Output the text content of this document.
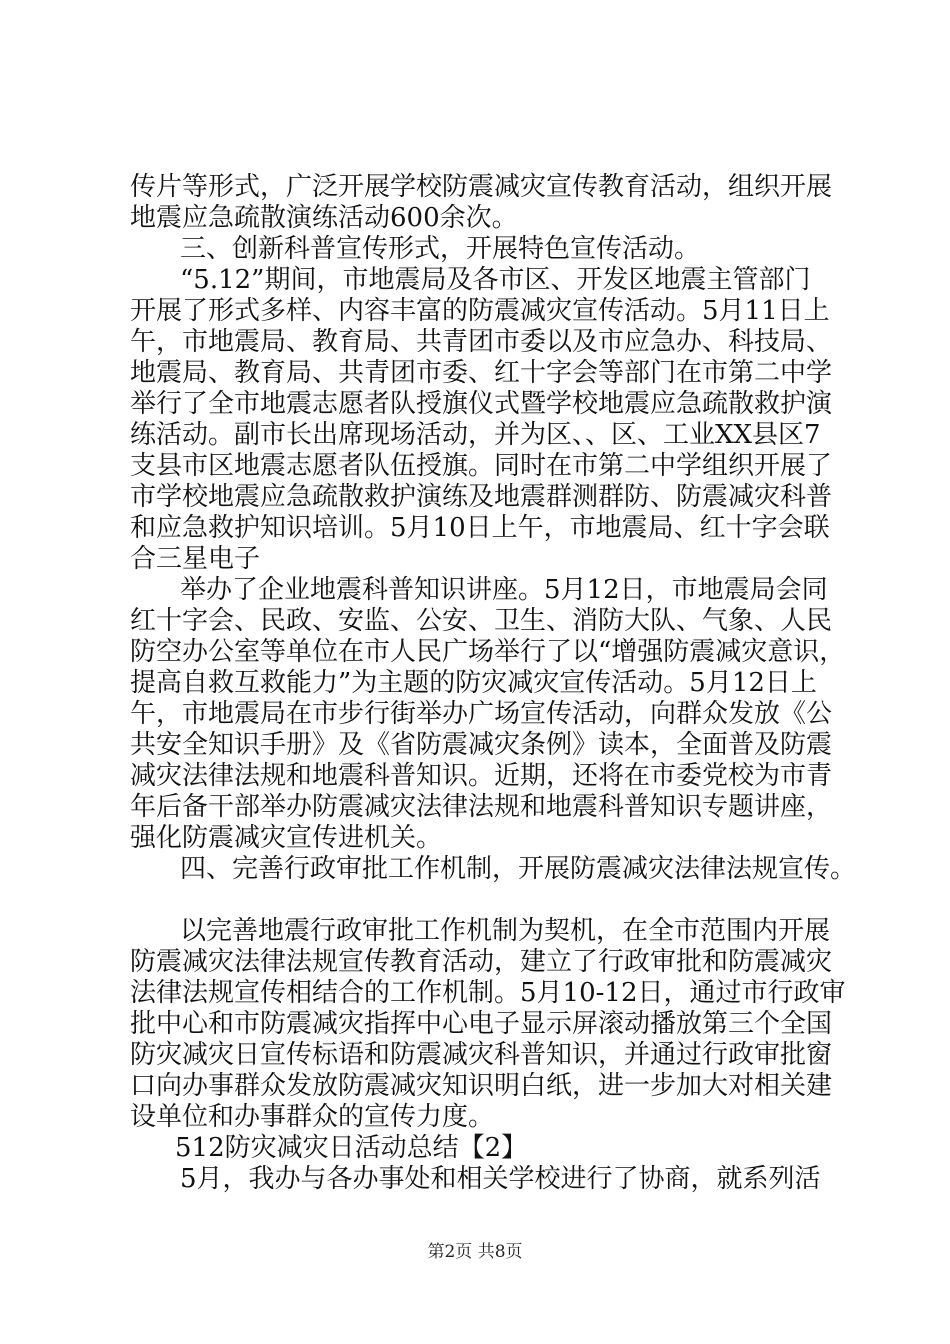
传片等形式，广泛开展学校防震减灾宣传教育活动，组织开展
地震应急疏散演练活动600余次。
三、创新科普宣传形式，开展特色宣传活动。
“5.12”期间，市地震局及各市区、开发区地震主管部门
开展了形式多样、内容丰富的防震减灾宣传活动。5月11日上
午，市地震局、教育局、共青团市委以及市应急办、科技局、
地震局、教育局、共青团市委、红十字会等部门在市第二中学
举行了全市地震志愿者队授旗仪式暨学校地震应急疏散救护演
练活动。副市长出席现场活动，并为区、、区、工业XX县区7
支县市区地震志愿者队伍授旗。同时在市第二中学组织开展了
市学校地震应急疏散救护演练及地震群测群防、防震减灾科普
和应急救护知识培训。5月10日上午，市地震局、红十字会联
合三星电子
举办了企业地震科普知识讲座。5月12日，市地震局会同
红十字会、民政、安监、公安、卫生、消防大队、气象、人民
防空办公室等单位在市人民广场举行了以“增强防震减灾意识，
提高自救互救能力”为主题的防灾减灾宣传活动。5月12日上
午，市地震局在市步行街举办广场宣传活动，向群众发放《公
共安全知识手册》及《省防震减灾条例》读本，全面普及防震
减灾法律法规和地震科普知识。近期，还将在市委党校为市青
年后备干部举办防震减灾法律法规和地震科普知识专题讲座，
强化防震减灾宣传进机关。
四、完善行政审批工作机制，开展防震减灾法律法规宣传。
以完善地震行政审批工作机制为契机，在全市范围内开展
防震减灾法律法规宣传教育活动，建立了行政审批和防震减灾
法律法规宣传相结合的工作机制。5月10-12日，通过市行政审
批中心和市防震减灾指挥中心电子显示屏滚动播放第三个全国
防灾减灾日宣传标语和防震减灾科普知识，并通过行政审批窗
口向办事群众发放防震减灾知识明白纸，进一步加大对相关建
设单位和办事群众的宣传力度。
512防灾减灾日活动总结【2】
5月，我办与各办事处和相关学校进行了协商，就系列活
第2页 共8页
